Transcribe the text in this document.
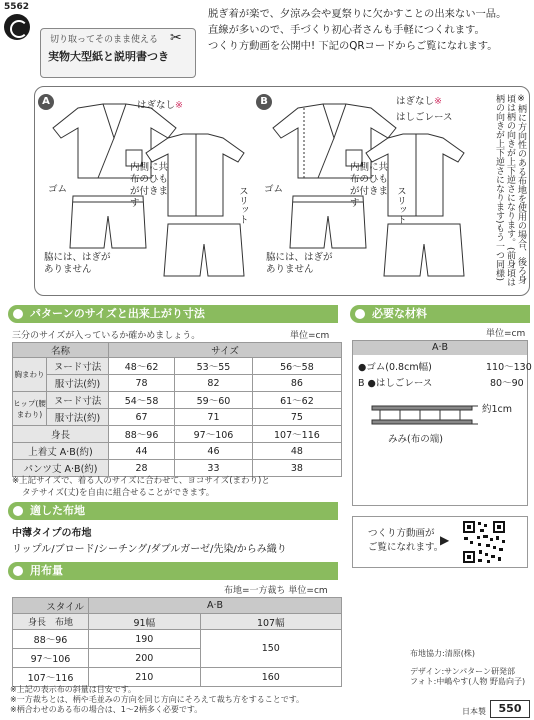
5562
切り取ってそのまま使える
実物大型紙と説明書つき
✂
脱ぎ着が楽で、夕涼み会や夏祭りに欠かすことの出来ない一品。
直線が多いので、手づくり初心者さんも手軽につくれます。
つくり方動画を公開中! 下記のQRコードからご覧になれます。
A	はぎなし※
ゴム
内側に共布のひもが付きます	スリット
脇には、はぎが
ありません
B	はぎなし※
はしごレース
ゴム
内側に共布のひもが付きます	スリット
脇には、はぎが
ありません	※柄に方向性のある布地を使用の場合、後ろ身頃は柄の向きが上下逆さになります。(前身頃は柄の向きが上下逆さになります)もう一つ同様)
パターンのサイズと出来上がり寸法
三分のサイズが入っているか確かめましょう。	単位=cm
名称		サイズ		
胸まわり	ヌード寸法	48〜62	53〜55	56〜58
	服寸法(約)	78	82	86
ヒップ(腰まわり)	ヌード寸法	54〜58	59〜60	61〜62
	服寸法(約)	67	71	75
身長		88〜96	97〜106	107〜116
上着丈 A·B(約)		44	46	48
パンツ丈 A·B(約)		28	33	38
※上記サイズで、着る人のサイズに合わせて、ヨコサイズ(まわり)と
タテサイズ(丈)を自由に組合せることができます。
必要な材料
単位=cm
A·B
●ゴム(0.8cm幅)	110〜130
B ●はしごレース	80〜90
約1cm
みみ(布の端)
適した布地
中薄タイプの布地
リップル/ブロード/シーチング/ダブルガーゼ/先染/からみ織り
用布量
布地=一方裁ち 単位=cm
スタイル	A·B	
身長　 布地	91幅	107幅
88〜96	190	150
97〜106	200	
107〜116	210	160
※上記の表示布の斜量は目安です。
※一方裁ちとは、柄や毛並みの方向を同じ方向にそろえて裁ち方をすることです。
※柄合わせのある布の場合は、1〜2柄多く必要です。
つくり方動画が
ご覧になれます。
▶
布地協力:清原(株)
デザイン:サンパターン研発部
フォト:中嶋やす(人物 野島向子)
日本製	550
